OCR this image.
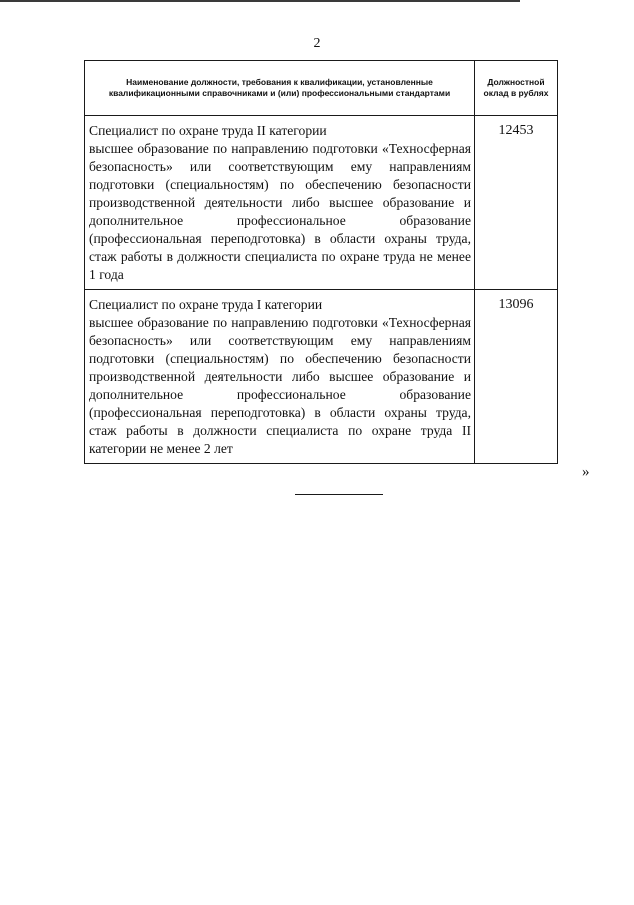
2
Наименование должности, требования к квалификации, установленные квалификационными справочниками и (или) профессиональными стандартами	Должностной оклад в рублях

Специалист по охране труда II категории
высшее образование по направлению подготовки «Техносферная безопасность» или соответствующим ему направлениям подготовки (специальностям) по обеспечению безопасности производственной деятельности либо высшее образование и дополнительное профессиональное образование (профессиональная переподготовка) в области охраны труда, стаж работы в должности специалиста по охране труда не менее 1 года	12453

Специалист по охране труда I категории
высшее образование по направлению подготовки «Техносферная безопасность» или соответствующим ему направлениям подготовки (специальностям) по обеспечению безопасности производственной деятельности либо высшее образование и дополнительное профессиональное образование (профессиональная переподготовка) в области охраны труда, стаж работы в должности специалиста по охране труда II категории не менее 2 лет	13096
»
